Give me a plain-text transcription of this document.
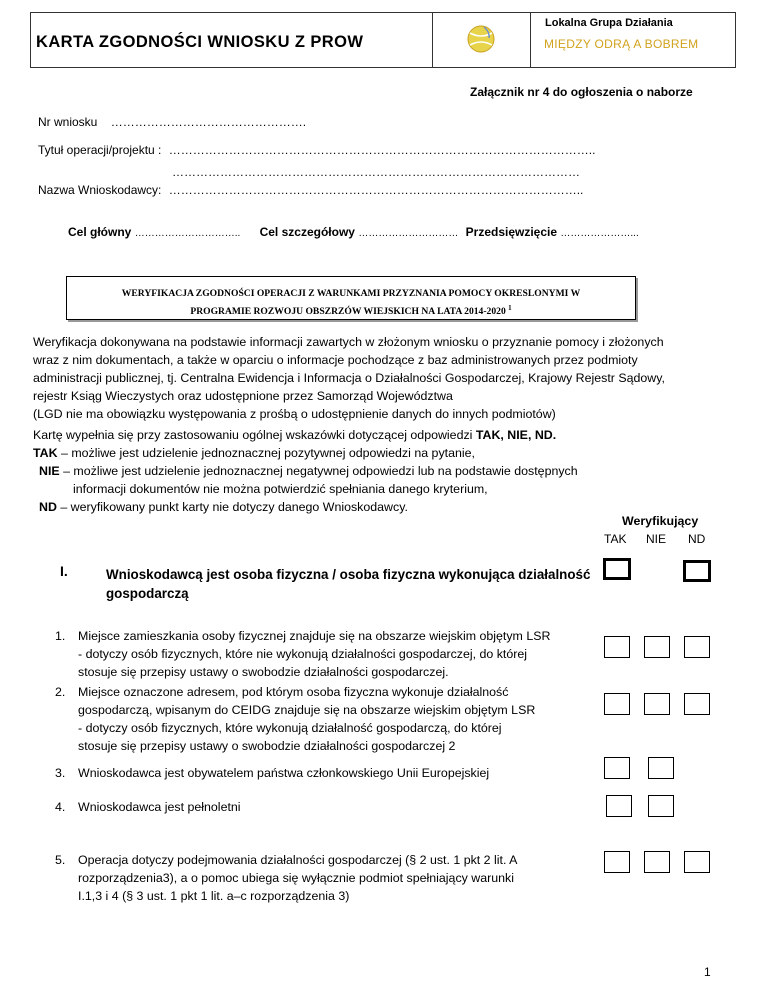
KARTA ZGODNOŚCI WNIOSKU Z PROW
Lokalna Grupa Działania
MIĘDZY ODRĄ A BOBREM
Załącznik nr 4 do ogłoszenia o naborze
Nr wniosku ………………………………………….
Tytuł operacji/projektu : ……………………………………………………………………………………………..
…………………………………………………………………………………………
Nazwa Wnioskodawcy: …………………………………………………………………………………………..
Cel główny ………………………….. Cel szczegółowy ………………………… Przedsięwzięcie …………………...
WERYFIKACJA ZGODNOŚCI OPERACJI Z WARUNKAMI PRZYZNANIA POMOCY OKRESLONYMI W
PROGRAMIE ROZWOJU OBSZRZÓW WIEJSKICH NA LATA 2014-2020 $^1$
Weryfikacja dokonywana na podstawie informacji zawartych w złożonym wniosku o przyznanie pomocy i złożonych
wraz z nim dokumentach, a także w oparciu o informacje pochodzące z baz administrowanych przez podmioty
administracji publicznej, tj. Centralna Ewidencja i Informacja o Działalności Gospodarczej, Krajowy Rejestr Sądowy,
rejestr Ksiąg Wieczystych oraz udostępnione przez Samorząd Województwa
(LGD nie ma obowiązku występowania z prośbą o udostępnienie danych do innych podmiotów)
Kartę wypełnia się przy zastosowaniu ogólnej wskazówki dotyczącej odpowiedzi TAK, NIE, ND.
TAK – możliwe jest udzielenie jednoznacznej pozytywnej odpowiedzi na pytanie,
NIE – możliwe jest udzielenie jednoznacznej negatywnej odpowiedzi lub na podstawie dostępnych
informacji dokumentów nie można potwierdzić spełniania danego kryterium,
ND – weryfikowany punkt karty nie dotyczy danego Wnioskodawcy.
Weryfikujący
TAK NIE ND
I.	Wnioskodawcą jest osoba fizyczna / osoba fizyczna wykonująca działalność
gospodarczą
1. Miejsce zamieszkania osoby fizycznej znajduje się na obszarze wiejskim objętym LSR
- dotyczy osób fizycznych, które nie wykonują działalności gospodarczej, do której
stosuje się przepisy ustawy o swobodzie działalności gospodarczej.
2. Miejsce oznaczone adresem, pod którym osoba fizyczna wykonuje działalność
gospodarczą, wpisanym do CEIDG znajduje się na obszarze wiejskim objętym LSR
- dotyczy osób fizycznych, które wykonują działalność gospodarczą, do której
stosuje się przepisy ustawy o swobodzie działalności gospodarczej 2
3. Wnioskodawca jest obywatelem państwa członkowskiego Unii Europejskiej
4. Wnioskodawca jest pełnoletni
5. Operacja dotyczy podejmowania działalności gospodarczej (§ 2 ust. 1 pkt 2 lit. A
rozporządzenia3), a o pomoc ubiega się wyłącznie podmiot spełniający warunki
I.1,3 i 4 (§ 3 ust. 1 pkt 1 lit. a–c rozporządzenia 3)
1
